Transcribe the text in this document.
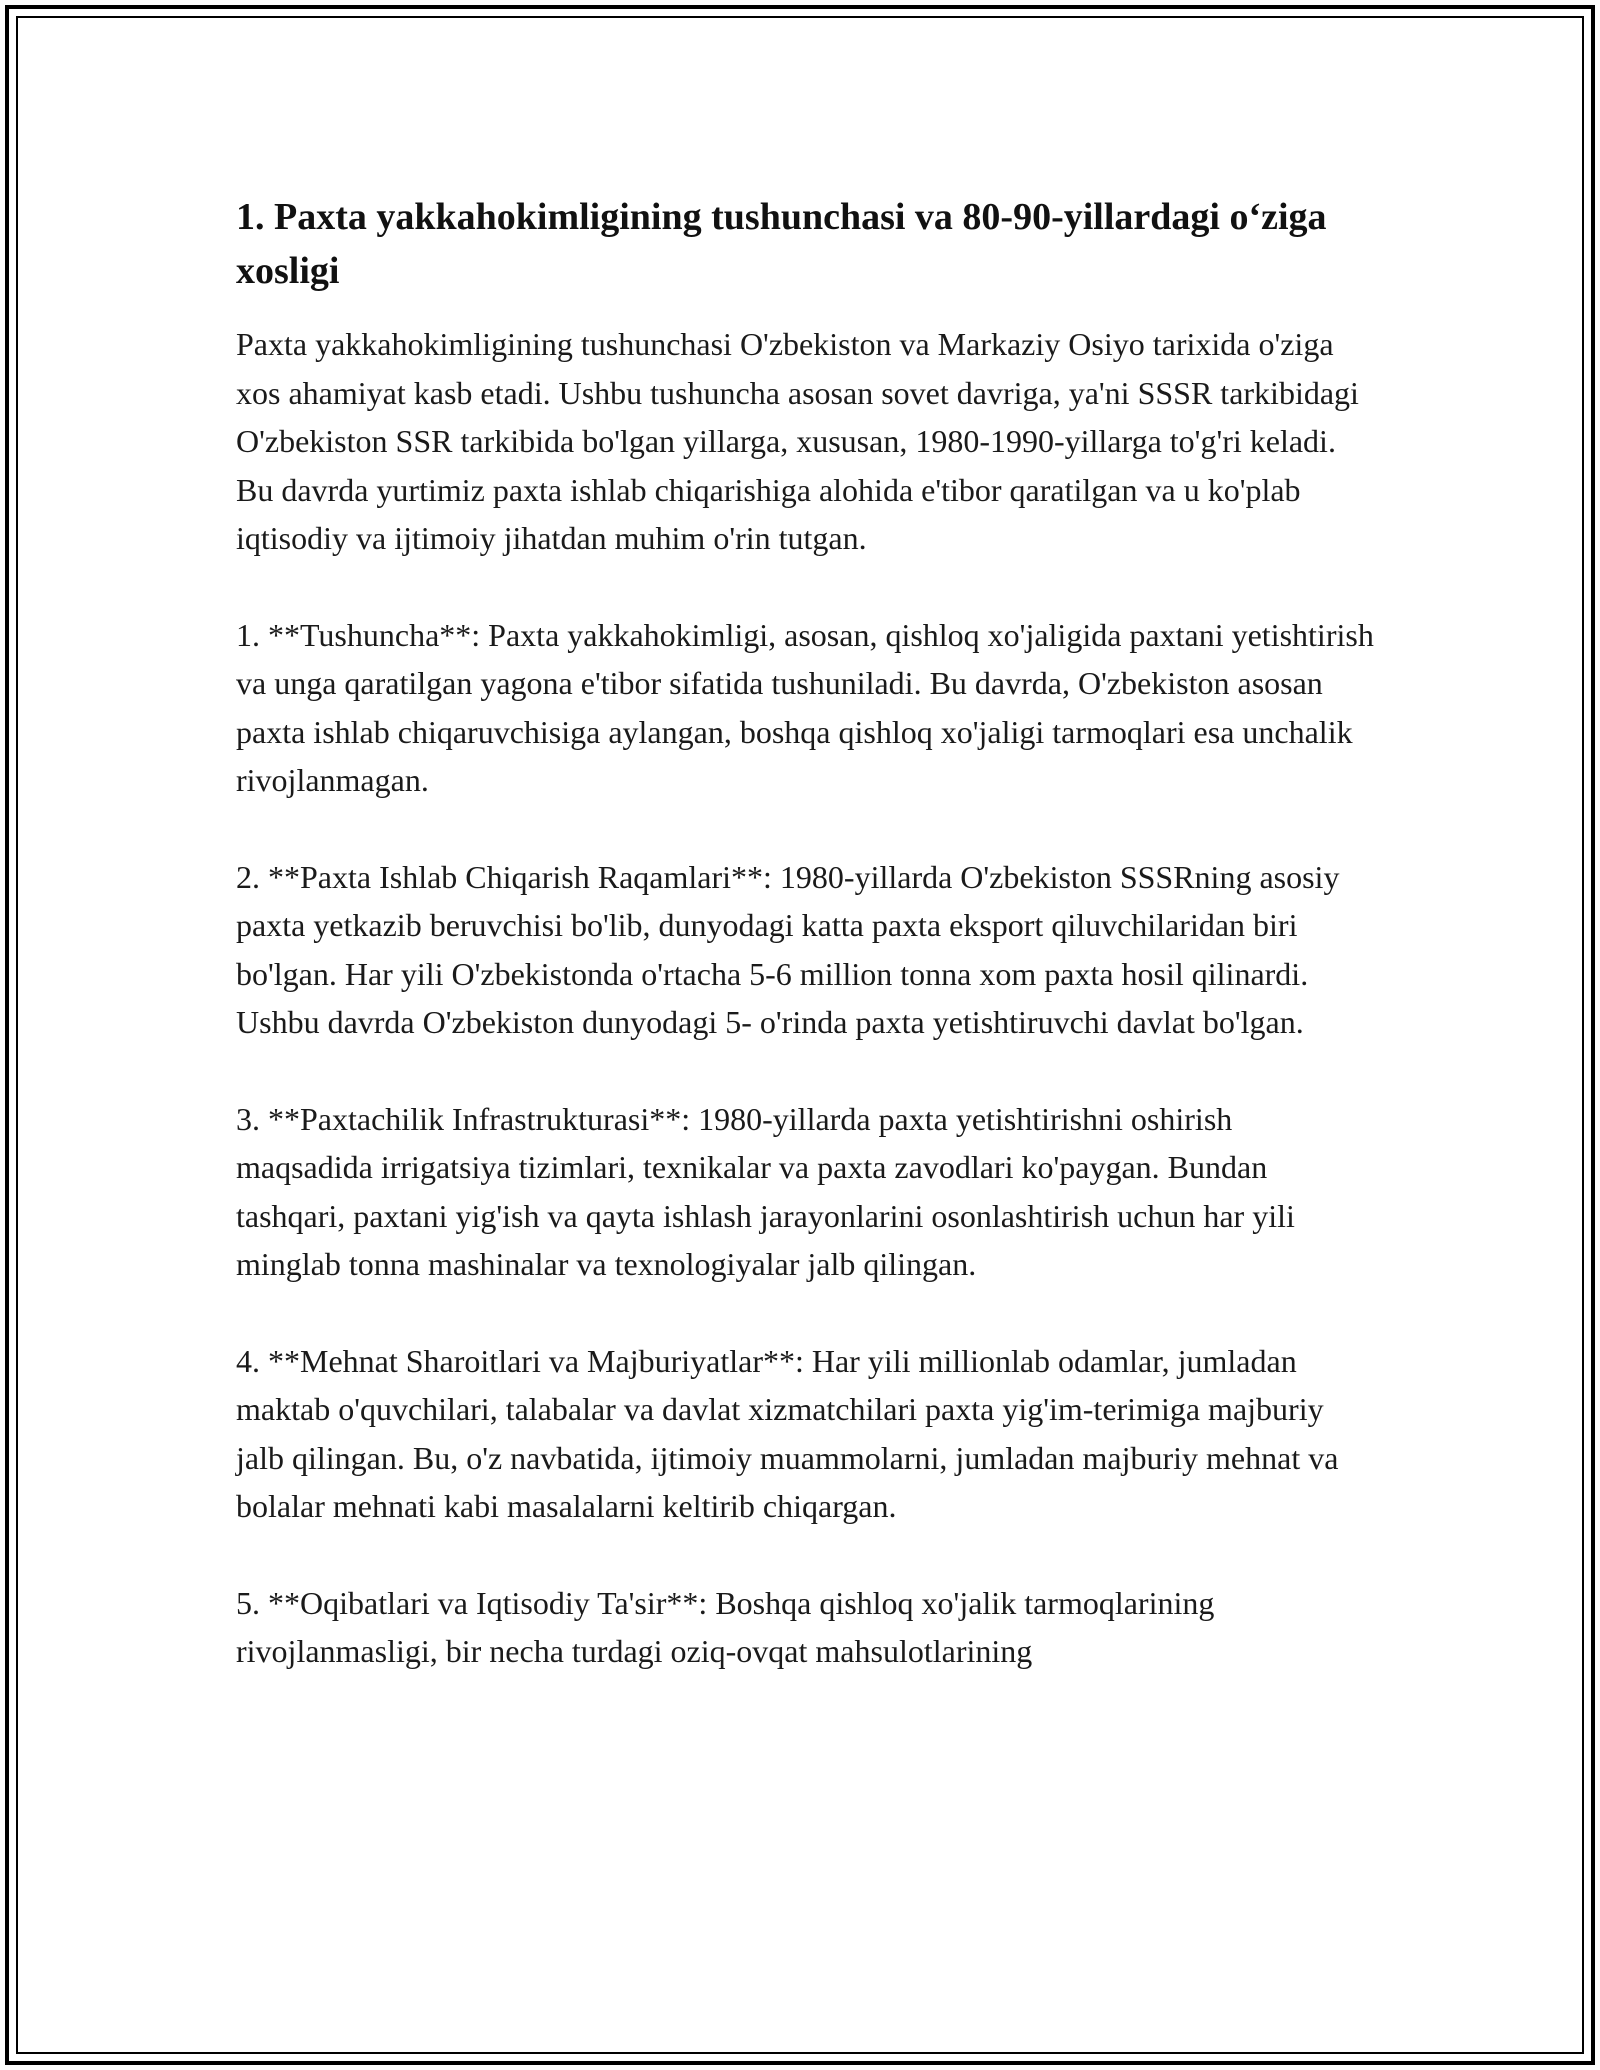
1. Paxta yakkahokimligining tushunchasi va 80-90-yillardagi o‘ziga xosligi

Paxta yakkahokimligining tushunchasi O'zbekiston va Markaziy Osiyo tarixida o'ziga xos ahamiyat kasb etadi. Ushbu tushuncha asosan sovet davriga, ya'ni SSSR tarkibidagi O'zbekiston SSR tarkibida bo'lgan yillarga, xususan, 1980-1990-yillarga to'g'ri keladi. Bu davrda yurtimiz paxta ishlab chiqarishiga alohida e'tibor qaratilgan va u ko'plab iqtisodiy va ijtimoiy jihatdan muhim o'rin tutgan.

1. **Tushuncha**: Paxta yakkahokimligi, asosan, qishloq xo'jaligida paxtani yetishtirish va unga qaratilgan yagona e'tibor sifatida tushuniladi. Bu davrda, O'zbekiston asosan paxta ishlab chiqaruvchisiga aylangan, boshqa qishloq xo'jaligi tarmoqlari esa unchalik rivojlanmagan.

2. **Paxta Ishlab Chiqarish Raqamlari**: 1980-yillarda O'zbekiston SSSRning asosiy paxta yetkazib beruvchisi bo'lib, dunyodagi katta paxta eksport qiluvchilaridan biri bo'lgan. Har yili O'zbekistonda o'rtacha 5-6 million tonna xom paxta hosil qilinardi. Ushbu davrda O'zbekiston dunyodagi 5- o'rinda paxta yetishtiruvchi davlat bo'lgan.

3. **Paxtachilik Infrastrukturasi**: 1980-yillarda paxta yetishtirishni oshirish maqsadida irrigatsiya tizimlari, texnikalar va paxta zavodlari ko'paygan. Bundan tashqari, paxtani yig'ish va qayta ishlash jarayonlarini osonlashtirish uchun har yili minglab tonna mashinalar va texnologiyalar jalb qilingan.

4. **Mehnat Sharoitlari va Majburiyatlar**: Har yili millionlab odamlar, jumladan maktab o'quvchilari, talabalar va davlat xizmatchilari paxta yig'im-terimiga majburiy jalb qilingan. Bu, o'z navbatida, ijtimoiy muammolarni, jumladan majburiy mehnat va bolalar mehnati kabi masalalarni keltirib chiqargan.

5. **Oqibatlari va Iqtisodiy Ta'sir**: Boshqa qishloq xo'jalik tarmoqlarining rivojlanmasligi, bir necha turdagi oziq-ovqat mahsulotlarining
